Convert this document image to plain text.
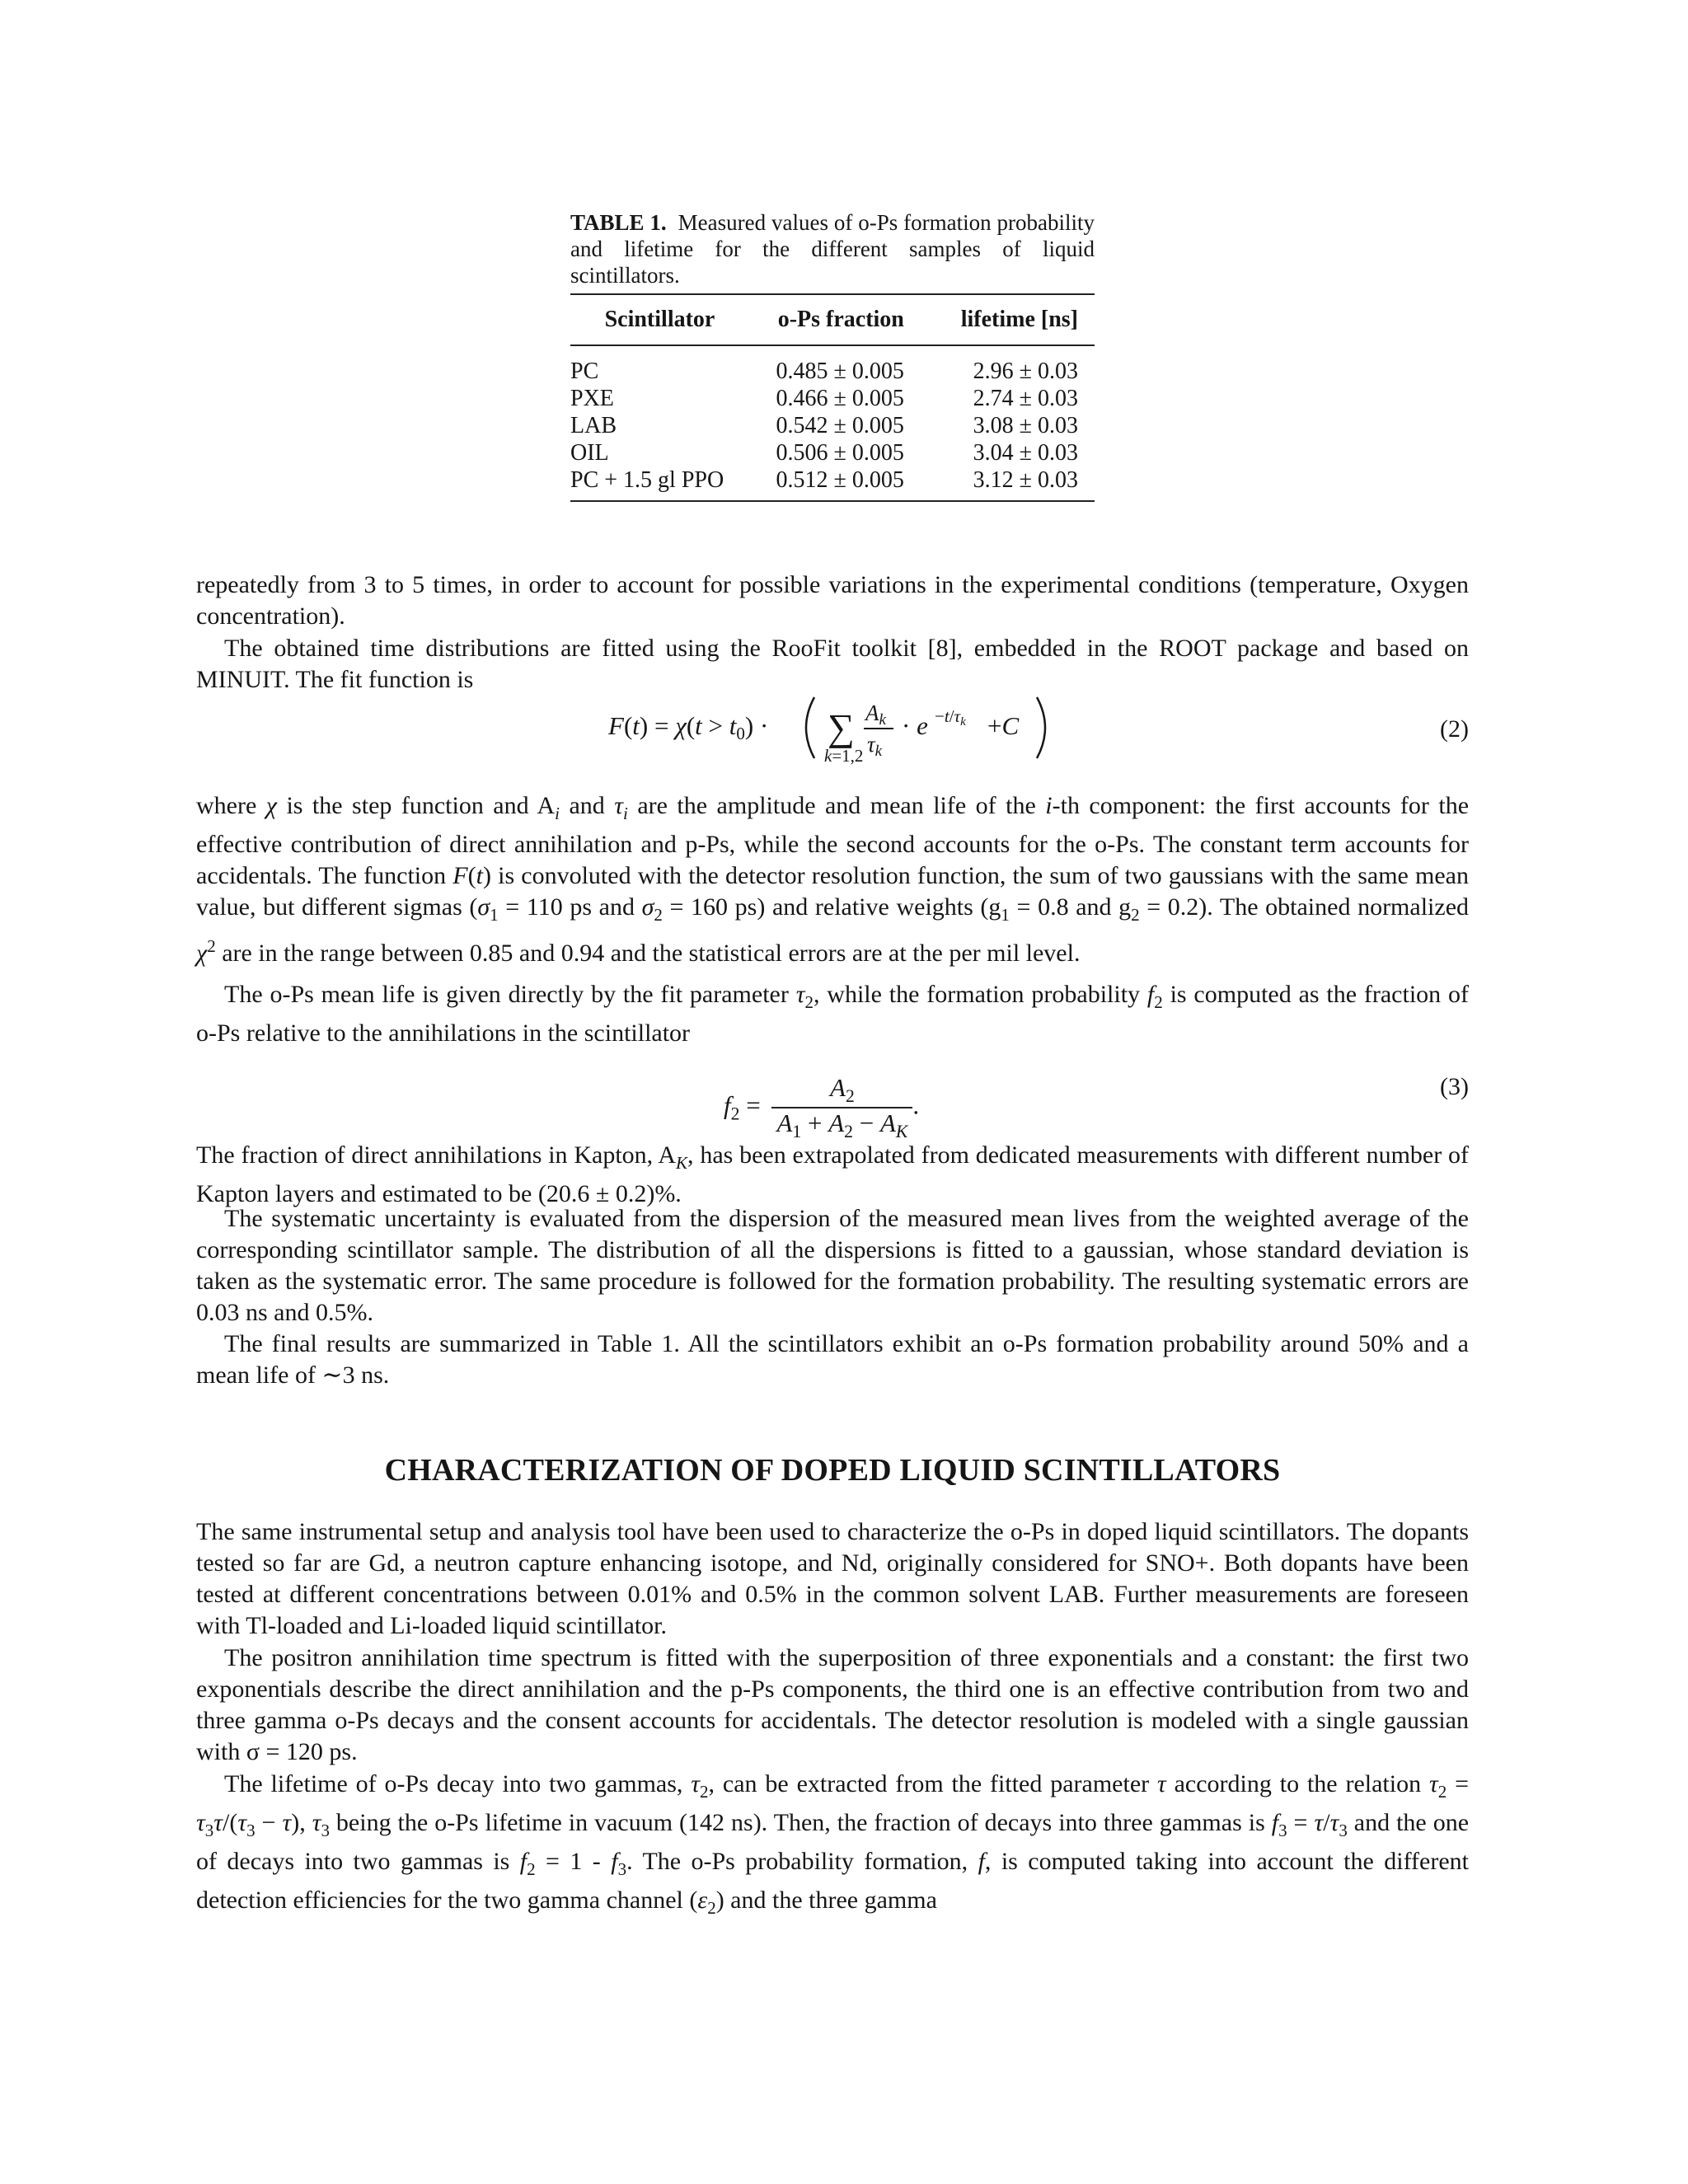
TABLE 1. Measured values of o-Ps formation probability and lifetime for the different samples of liquid scintillators.
Scintillator	o-Ps fraction	lifetime [ns]
PC	0.485 ± 0.005	2.96 ± 0.03
PXE	0.466 ± 0.005	2.74 ± 0.03
LAB	0.542 ± 0.005	3.08 ± 0.03
OIL	0.506 ± 0.005	3.04 ± 0.03
PC + 1.5 gl PPO	0.512 ± 0.005	3.12 ± 0.03
repeatedly from 3 to 5 times, in order to account for possible variations in the experimental conditions (temperature, Oxygen concentration).
The obtained time distributions are fitted using the RooFit toolkit [8], embedded in the ROOT package and based on MINUIT. The fit function is
F(t) = χ(t > t0) · ∑
k=1,2
Ak
τk
· e −t/τk +C	(2)
where χ is the step function and $A_i$ and $\tau_i$ are the amplitude and mean life of the i-th component: the first accounts for the effective contribution of direct annihilation and p-Ps, while the second accounts for the o-Ps. The constant term accounts for accidentals. The function F(t) is convoluted with the detector resolution function, the sum of two gaussians with the same mean value, but different sigmas ($\sigma_1 = 110$ ps and $\sigma_2 = 160$ ps) and relative weights ($g_1 = 0.8$ and $g_2 = 0.2$). The obtained normalized $\chi^2$ are in the range between 0.85 and 0.94 and the statistical errors are at the per mil level.
The o-Ps mean life is given directly by the fit parameter $\tau_2$, while the formation probability $f_2$ is computed as the fraction of o-Ps relative to the annihilations in the scintillator
$f_2 = \frac{A_2}{A_1 + A_2 - A_K}$ .
(3)
The fraction of direct annihilations in Kapton, $A_K$, has been extrapolated from dedicated measurements with different number of Kapton layers and estimated to be (20.6 ± 0.2)%.
The systematic uncertainty is evaluated from the dispersion of the measured mean lives from the weighted average of the corresponding scintillator sample. The distribution of all the dispersions is fitted to a gaussian, whose standard deviation is taken as the systematic error. The same procedure is followed for the formation probability. The resulting systematic errors are 0.03 ns and 0.5%.
The final results are summarized in Table 1. All the scintillators exhibit an o-Ps formation probability around 50% and a mean life of ∼3 ns.
CHARACTERIZATION OF DOPED LIQUID SCINTILLATORS
The same instrumental setup and analysis tool have been used to characterize the o-Ps in doped liquid scintillators. The dopants tested so far are Gd, a neutron capture enhancing isotope, and Nd, originally considered for SNO+. Both dopants have been tested at different concentrations between 0.01% and 0.5% in the common solvent LAB. Further measurements are foreseen with Tl-loaded and Li-loaded liquid scintillator.
The positron annihilation time spectrum is fitted with the superposition of three exponentials and a constant: the first two exponentials describe the direct annihilation and the p-Ps components, the third one is an effective contribution from two and three gamma o-Ps decays and the consent accounts for accidentals. The detector resolution is modeled with a single gaussian with σ = 120 ps.
The lifetime of o-Ps decay into two gammas, $\tau_2$, can be extracted from the fitted parameter τ according to the relation $\tau_2 = \tau_3\tau/(\tau_3 - \tau)$, $\tau_3$ being the o-Ps lifetime in vacuum (142 ns). Then, the fraction of decays into three gammas is $f_3 = \tau/\tau_3$ and the one of decays into two gammas is $f_2 = 1 - f_3$. The o-Ps probability formation, f, is computed taking into account the different detection efficiencies for the two gamma channel $(\varepsilon_2)$ and the three gamma
